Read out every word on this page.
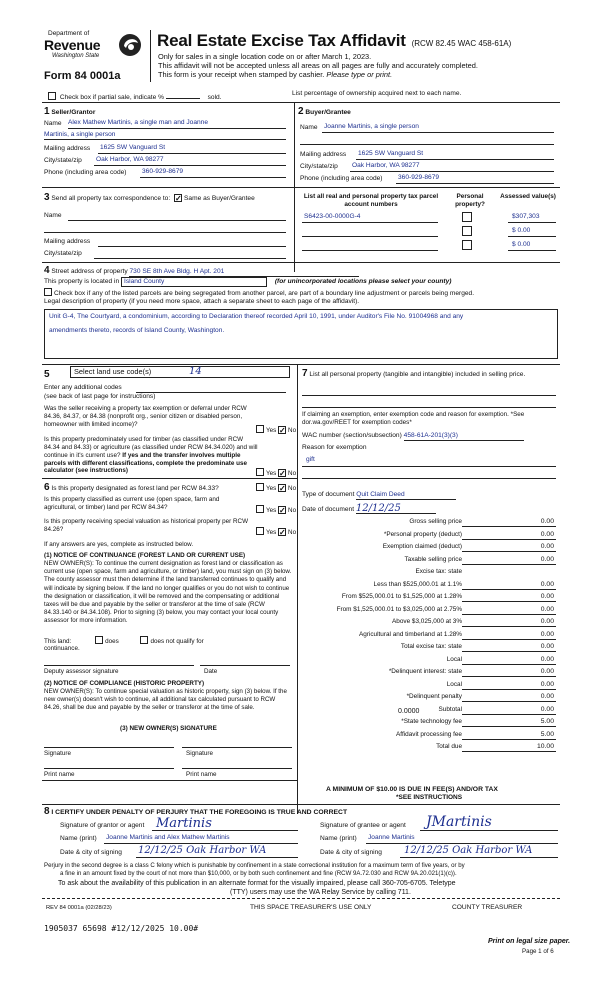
Department of
Revenue
Washington State
Form 84 0001a
Real Estate Excise Tax Affidavit (RCW 82.45 WAC 458-61A)
Only for sales in a single location code on or after March 1, 2023.
This affidavit will not be accepted unless all areas on all pages are fully and accurately completed.
This form is your receipt when stamped by cashier. Please type or print.
Check box if partial sale, indicate %	sold.
List percentage of ownership acquired next to each name.
1 Seller/Grantor
Name Alex Mathew Martinis, a single man and Joanne
Martinis, a single person
Mailing address 1625 SW Vanguard St
City/state/zip Oak Harbor, WA 98277
Phone (including area code) 360-929-8679
2 Buyer/Grantee
Name Joanne Martinis, a single person
Mailing address 1625 SW Vanguard St
City/state/zip Oak Harbor, WA 98277
Phone (including area code) 360-929-8679
3 Send all property tax correspondence to: ✓ Same as Buyer/Grantee
Name
Mailing address
City/state/zip
List all real and personal property tax parcel account numbers
Personal property?
Assessed value(s)
S6423-00-0000G-4	$307,303
$ 0.00
$ 0.00
4 Street address of property 730 SE 8th Ave Bldg. H Apt. 201
This property is located in Island County	(for unincorporated locations please select your county)
Check box if any of the listed parcels are being segregated from another parcel, are part of a boundary line adjustment or parcels being merged.
Legal description of property (if you need more space, attach a separate sheet to each page of the affidavit).
Unit G-4, The Courtyard, a condominium, according to Declaration thereof recorded April 10, 1991, under Auditor's File No. 91004968 and any
amendments thereto, records of Island County, Washington.
5	Select land use code(s)	14
Enter any additional codes
(see back of last page for instructions)
Was the seller receiving a property tax exemption or deferral under RCW 84.36, 84.37, or 84.38 (nonprofit org., senior citizen or disabled person, homeowner with limited income)?
Yes ✓ No
Is this property predominately used for timber (as classified under RCW 84.34 and 84.33) or agriculture (as classified under RCW 84.34.020) and will continue in it's current use? If yes and the transfer involves multiple parcels with different classifications, complete the predominate use calculator (see instructions)	Yes ✓ No
6 Is this property designated as forest land per RCW 84.33?	Yes ✓ No
Is this property classified as current use (open space, farm and agricultural, or timber) land per RCW 84.34?	Yes ✓ No
Is this property receiving special valuation as historical property per RCW 84.26?	Yes ✓ No
If any answers are yes, complete as instructed below.
(1) NOTICE OF CONTINUANCE (FOREST LAND OR CURRENT USE)
NEW OWNER(S): To continue the current designation as forest land or classification as current use (open space, farm and agriculture, or timber) land, you must sign on (3) below. The county assessor must then determine if the land transferred continues to qualify and will indicate by signing below. If the land no longer qualifies or you do not wish to continue the designation or classification, it will be removed and the compensating or additional taxes will be due and payable by the seller or transferor at the time of sale (RCW 84.33.140 or 84.34.108). Prior to signing (3) below, you may contact your local county assessor for more information.
This land:	does	does not qualify for
continuance.
Deputy assessor signature	Date
(2) NOTICE OF COMPLIANCE (HISTORIC PROPERTY)
NEW OWNER(S): To continue special valuation as historic property, sign (3) below. If the new owner(s) doesn't wish to continue, all additional tax calculated pursuant to RCW 84.26, shall be due and payable by the seller or transferor at the time of sale.
(3) NEW OWNER(S) SIGNATURE
Signature	Signature
Print name	Print name
7 List all personal property (tangible and intangible) included in selling price.
If claiming an exemption, enter exemption code and reason for exemption. *See dor.wa.gov/REET for exemption codes*
WAC number (section/subsection) 458-61A-201(3)(3)
Reason for exemption
gift
Type of document Quit Claim Deed
Date of document 12/12/25
Gross selling price	0.00
*Personal property (deduct)	0.00
Exemption claimed (deduct)	0.00
Taxable selling price	0.00
Excise tax: state
Less than $525,000.01 at 1.1%	0.00
From $525,000.01 to $1,525,000 at 1.28%	0.00
From $1,525,000.01 to $3,025,000 at 2.75%	0.00
Above $3,025,000 at 3%	0.00
Agricultural and timberland at 1.28%	0.00
Total excise tax: state	0.00
Local	0.00
*Delinquent interest: state	0.00
Local	0.00
*Delinquent penalty	0.00
Subtotal	0.00
*State technology fee	5.00
Affidavit processing fee	5.00
Total due	10.00
0.0000
A MINIMUM OF $10.00 IS DUE IN FEE(S) AND/OR TAX
*SEE INSTRUCTIONS
8 I CERTIFY UNDER PENALTY OF PERJURY THAT THE FOREGOING IS TRUE AND CORRECT
Signature of grantor or agent Martinis
Name (print) Joanne Martinis and Alex Mathew Martinis
Date & city of signing 12/12/25 Oak Harbor WA
Signature of grantee or agent JMartinis
Name (print) Joanne Martinis
Date & city of signing 12/12/25 Oak Harbor WA
Perjury in the second degree is a class C felony which is punishable by confinement in a state correctional institution for a maximum term of five years, or by
a fine in an amount fixed by the court of not more than $10,000, or by both such confinement and fine (RCW 9A.72.030 and RCW 9A.20.021(1)(c)).
To ask about the availability of this publication in an alternate format for the visually impaired, please call 360-705-6705. Teletype
(TTY) users may use the WA Relay Service by calling 711.
REV 84 0001a (02/28/23)	THIS SPACE TREASURER'S USE ONLY	COUNTY TREASURER
1905037 65698 #12/12/2025 10.00#
Print on legal size paper.
Page 1 of 6
